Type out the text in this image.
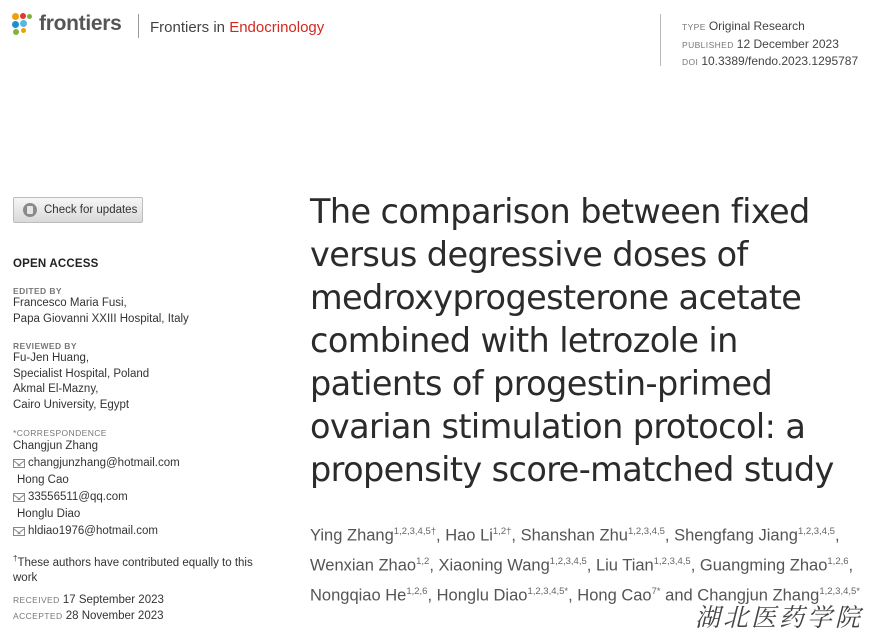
frontiers Frontiers in Endocrinology	TYPE Original Research
PUBLISHED 12 December 2023
DOI 10.3389/fendo.2023.1295787
Check for updates
OPEN ACCESS
EDITED BY
Francesco Maria Fusi,
Papa Giovanni XXIII Hospital, Italy
REVIEWED BY
Fu-Jen Huang,
Specialist Hospital, Poland
Akmal El-Mazny,
Cairo University, Egypt
*CORRESPONDENCE
Changjun Zhang
changjunzhang@hotmail.com
Hong Cao
33556511@qq.com
Honglu Diao
hldiao1976@hotmail.com
†These authors have contributed equally to this work
RECEIVED 17 September 2023
ACCEPTED 28 November 2023
The comparison between fixed versus degressive doses of medroxyprogesterone acetate combined with letrozole in patients of progestin-primed ovarian stimulation protocol: a propensity score-matched study
Ying Zhang$^{1,2,3,4,5\dagger}$, Hao $Li^{1,2\dagger}$, Shanshan Zhu$^{1,2,3,4,5}$, Shengfang Jiang$^{1,2,3,4,5}$, Wenxian Zhao$^{1,2}$, Xiaoning Wang$^{1,2,3,4,5}$, Liu Tian$^{1,2,3,4,5}$, Guangming Zhao$^{1,2,6}$, Nongqiao He$^{1,2,6}$, Honglu Diao$^{1,2,3,4,5*}$, Hong Cao$^{7*}$ and Changjun Zhang$^{1,2,3,4,5*}$
湖北医药学院
